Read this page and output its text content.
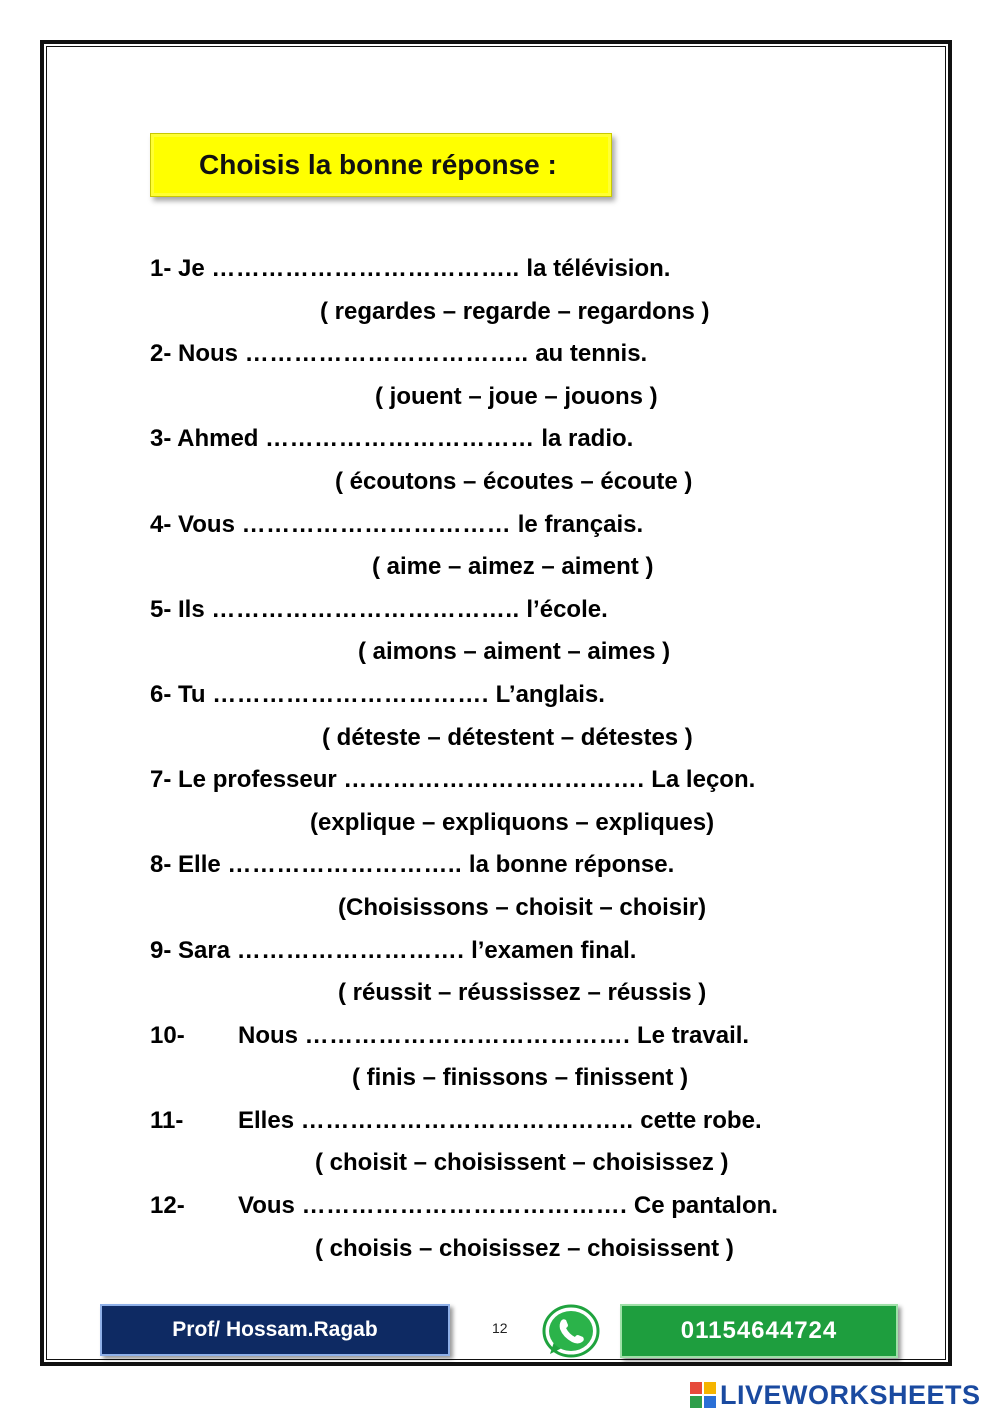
Choisis la bonne réponse :
1- Je ……………………………….. la télévision.
( regardes – regarde – regardons )
2- Nous …………………………….. au tennis.
( jouent – joue – jouons )
3- Ahmed …………………………… la radio.
( écoutons – écoutes – écoute )
4- Vous …………………………… le français.
( aime – aimez – aiment )
5- Ils ……………………………….. l’école.
( aimons – aiment – aimes )
6- Tu ……………………………. L’anglais.
( déteste – détestent – détestes )
7- Le professeur ………………………………. La leçon.
(explique – expliquons – expliques)
8- Elle ……………………….. la bonne réponse.
(Choisissons – choisit – choisir)
9- Sara ………………………. l’examen final.
( réussit – réussissez – réussis )
10- Nous …………………………………. Le travail.
( finis – finissons – finissent )
11- Elles ………………………………….. cette robe.
( choisit – choisissent – choisissez )
12- Vous …………………………………. Ce pantalon.
( choisis – choisissez – choisissent )
Prof/ Hossam.Ragab	12	01154644724
LIVEWORKSHEETS
